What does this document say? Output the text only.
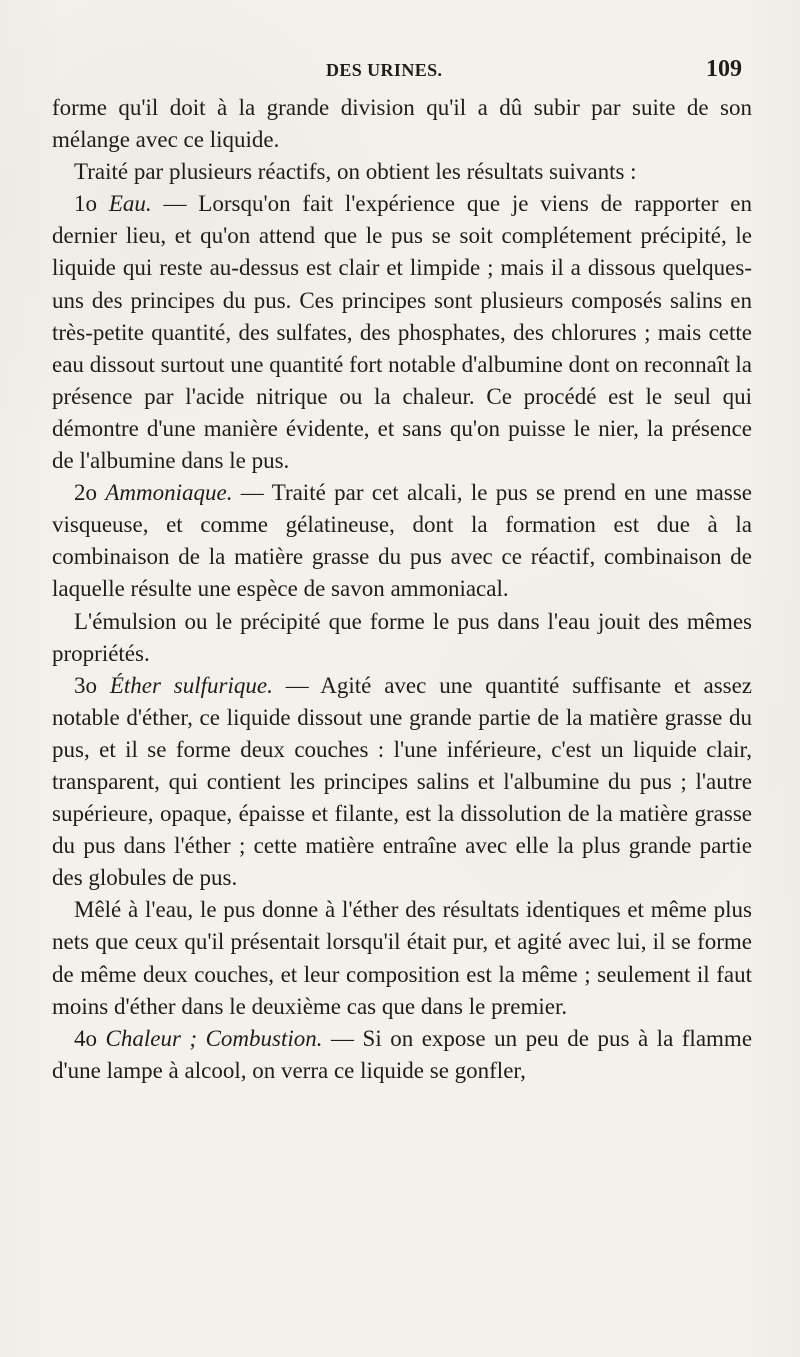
DES URINES.	109

forme qu'il doit à la grande division qu'il a dû subir par suite de son mélange avec ce liquide.

Traité par plusieurs réactifs, on obtient les résultats suivants :

1o Eau. — Lorsqu'on fait l'expérience que je viens de rapporter en dernier lieu, et qu'on attend que le pus se soit complétement précipité, le liquide qui reste au-dessus est clair et limpide ; mais il a dissous quelques-uns des principes du pus. Ces principes sont plusieurs composés salins en très-petite quantité, des sulfates, des phosphates, des chlorures ; mais cette eau dissout surtout une quantité fort notable d'albumine dont on reconnaît la présence par l'acide nitrique ou la chaleur. Ce procédé est le seul qui démontre d'une manière évidente, et sans qu'on puisse le nier, la présence de l'albumine dans le pus.

2o Ammoniaque. — Traité par cet alcali, le pus se prend en une masse visqueuse, et comme gélatineuse, dont la formation est due à la combinaison de la matière grasse du pus avec ce réactif, combinaison de laquelle résulte une espèce de savon ammoniacal.

L'émulsion ou le précipité que forme le pus dans l'eau jouit des mêmes propriétés.

3o Éther sulfurique. — Agité avec une quantité suffisante et assez notable d'éther, ce liquide dissout une grande partie de la matière grasse du pus, et il se forme deux couches : l'une inférieure, c'est un liquide clair, transparent, qui contient les principes salins et l'albumine du pus ; l'autre supérieure, opaque, épaisse et filante, est la dissolution de la matière grasse du pus dans l'éther ; cette matière entraîne avec elle la plus grande partie des globules de pus.

Mêlé à l'eau, le pus donne à l'éther des résultats identiques et même plus nets que ceux qu'il présentait lorsqu'il était pur, et agité avec lui, il se forme de même deux couches, et leur composition est la même ; seulement il faut moins d'éther dans le deuxième cas que dans le premier.

4o Chaleur ; Combustion. — Si on expose un peu de pus à la flamme d'une lampe à alcool, on verra ce liquide se gonfler,
